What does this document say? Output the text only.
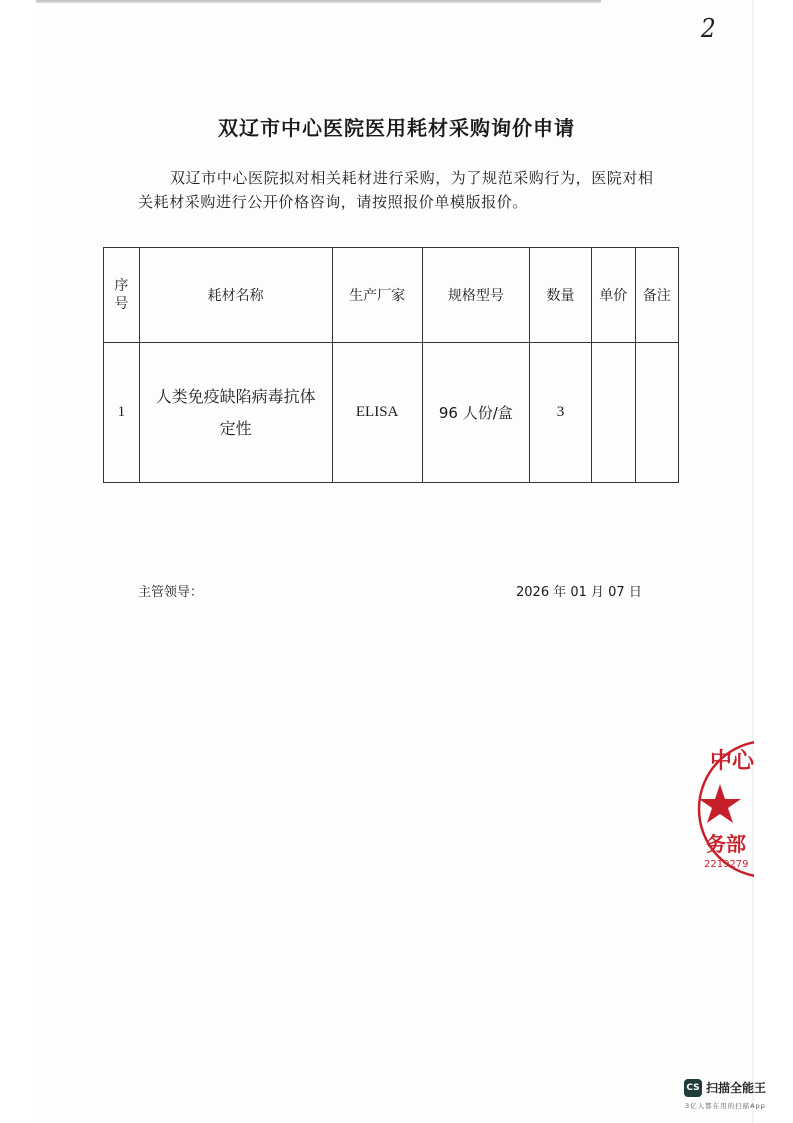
2
双辽市中心医院医用耗材采购询价申请
双辽市中心医院拟对相关耗材进行采购，为了规范采购行为，医院对相关耗材采购进行公开价格咨询，请按照报价单模版报价。
序号	耗材名称	生产厂家	规格型号	数量	单价	备注
1	人类免疫缺陷病毒抗体定性	ELISA	96 人份/盒	3		
主管领导：	2026 年 01 月 07 日
中心
务部
2219279
CS 扫描全能王
3亿人都在用的扫描App
